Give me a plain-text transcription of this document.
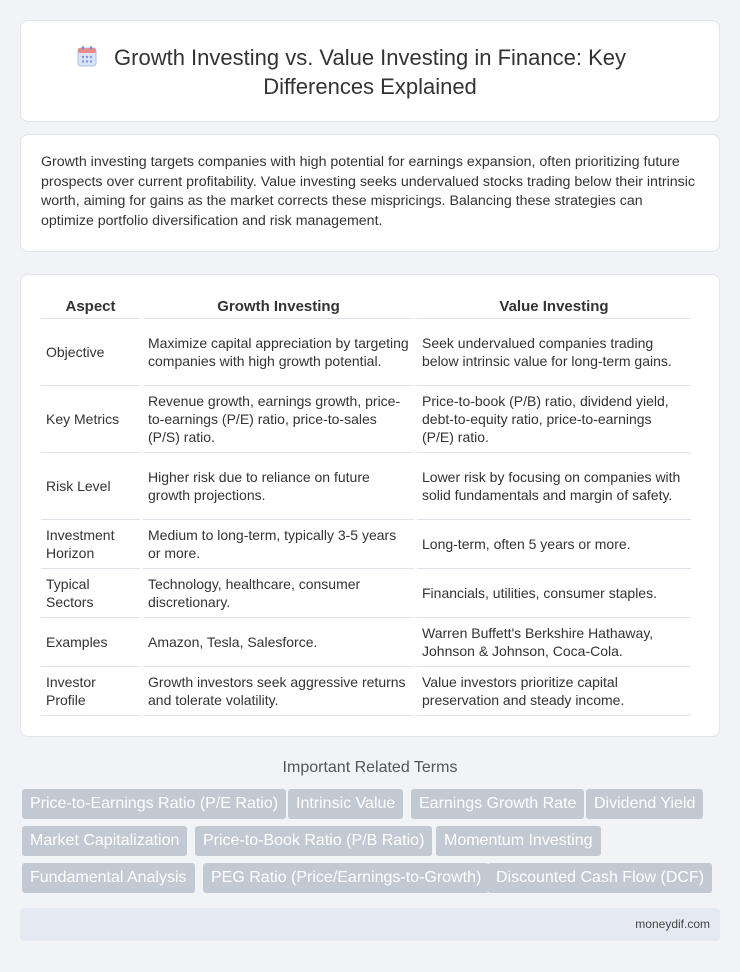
Growth Investing vs. Value Investing in Finance: Key Differences Explained

Growth investing targets companies with high potential for earnings expansion, often prioritizing future prospects over current profitability. Value investing seeks undervalued stocks trading below their intrinsic worth, aiming for gains as the market corrects these mispricings. Balancing these strategies can optimize portfolio diversification and risk management.

Aspect	Growth Investing	Value Investing
Objective	Maximize capital appreciation by targeting companies with high growth potential.	Seek undervalued companies trading below intrinsic value for long-term gains.
Key Metrics	Revenue growth, earnings growth, price-to-earnings (P/E) ratio, price-to-sales (P/S) ratio.	Price-to-book (P/B) ratio, dividend yield, debt-to-equity ratio, price-to-earnings (P/E) ratio.
Risk Level	Higher risk due to reliance on future growth projections.	Lower risk by focusing on companies with solid fundamentals and margin of safety.
Investment Horizon	Medium to long-term, typically 3-5 years or more.	Long-term, often 5 years or more.
Typical Sectors	Technology, healthcare, consumer discretionary.	Financials, utilities, consumer staples.
Examples	Amazon, Tesla, Salesforce.	Warren Buffett's Berkshire Hathaway, Johnson & Johnson, Coca-Cola.
Investor Profile	Growth investors seek aggressive returns and tolerate volatility.	Value investors prioritize capital preservation and steady income.
Important Related Terms
Price-to-Earnings Ratio (P/E Ratio)	Intrinsic Value	Earnings Growth Rate	Dividend Yield
Market Capitalization	Price-to-Book Ratio (P/B Ratio)	Momentum Investing
Fundamental Analysis	PEG Ratio (Price/Earnings-to-Growth) Discounted Cash Flow (DCF)
moneydif.com
